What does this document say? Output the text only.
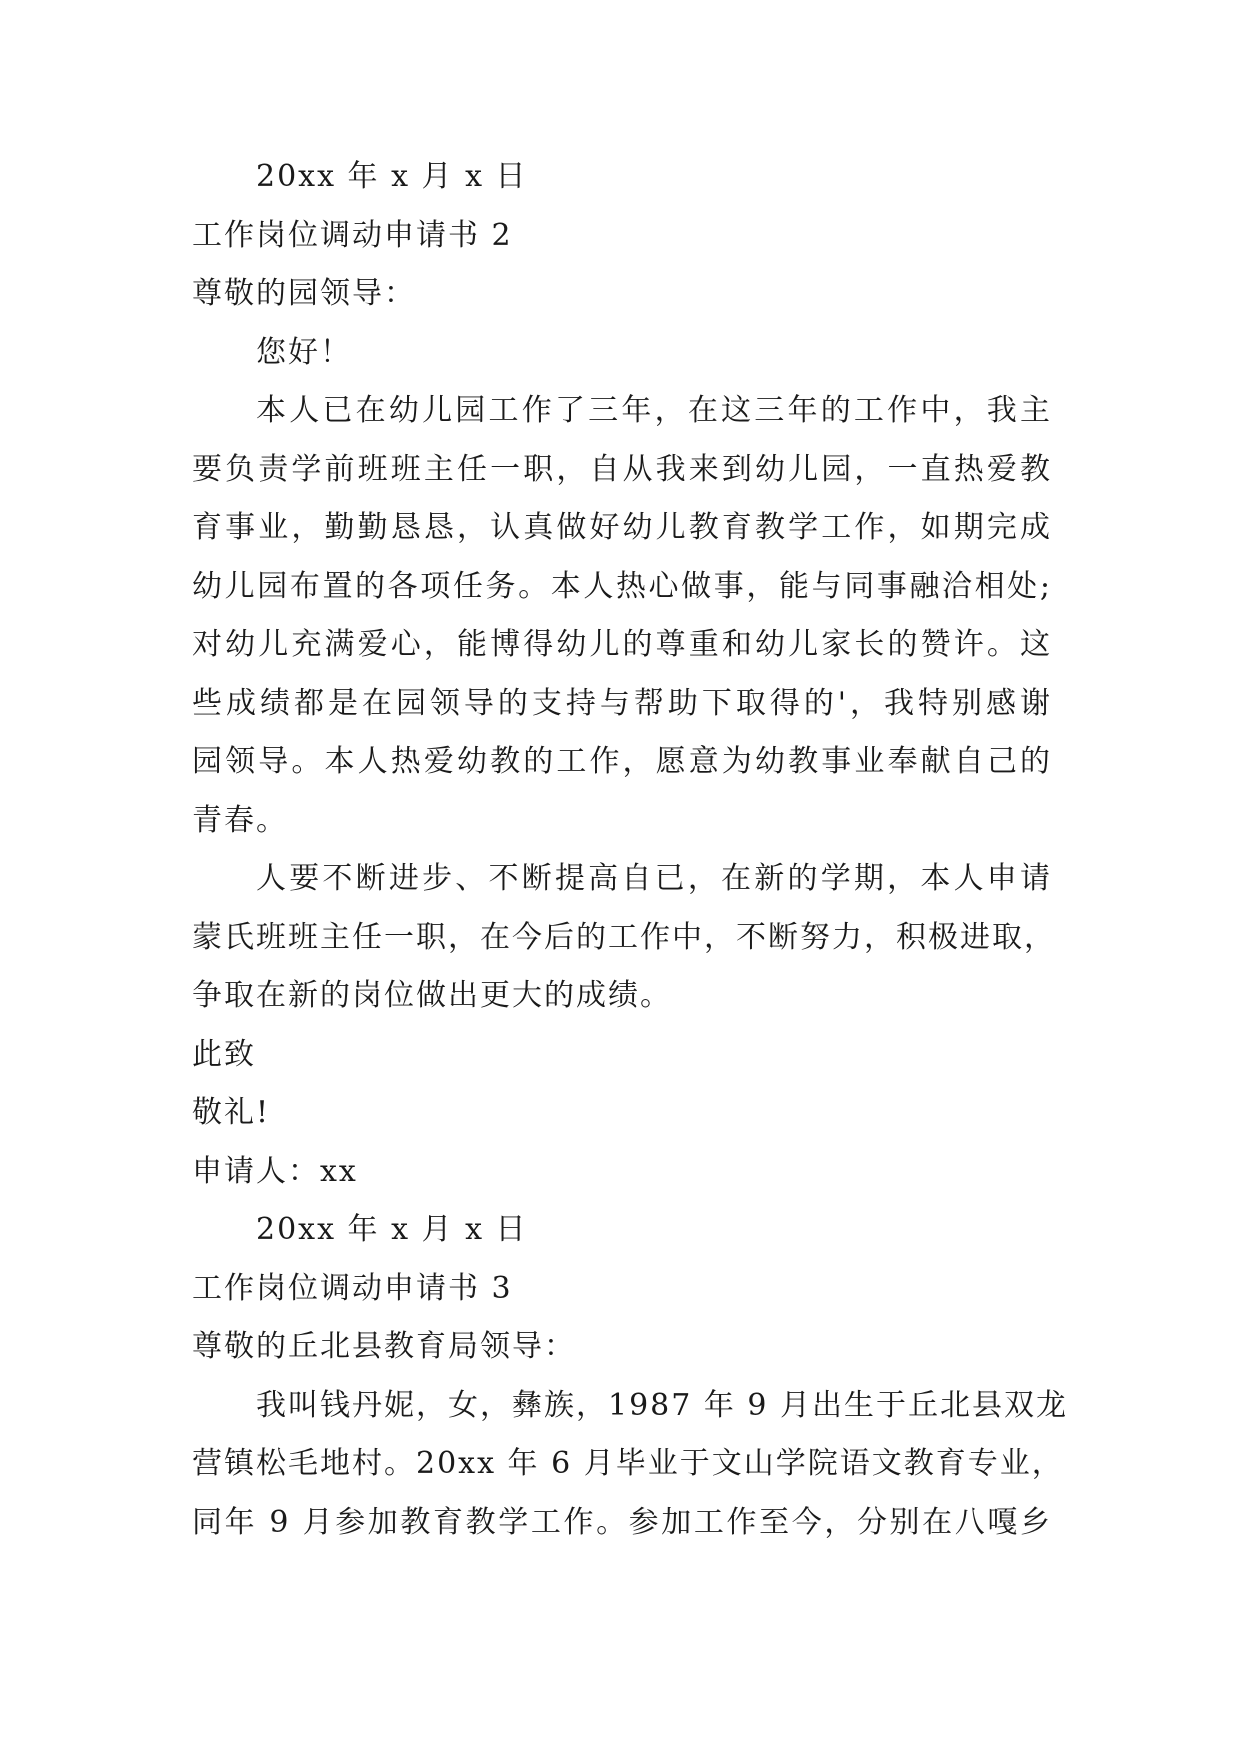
20xx 年 x 月 x 日
工作岗位调动申请书 2
尊敬的园领导：
您好！
本人已在幼儿园工作了三年，在这三年的工作中，我主
要负责学前班班主任一职，自从我来到幼儿园，一直热爱教
育事业，勤勤恳恳，认真做好幼儿教育教学工作，如期完成
幼儿园布置的各项任务。本人热心做事，能与同事融洽相处;
对幼儿充满爱心，能博得幼儿的尊重和幼儿家长的赞许。这
些成绩都是在园领导的支持与帮助下取得的'，我特别感谢
园领导。本人热爱幼教的工作，愿意为幼教事业奉献自己的
青春。
人要不断进步、不断提高自已，在新的学期，本人申请
蒙氏班班主任一职，在今后的工作中，不断努力，积极进取，
争取在新的岗位做出更大的成绩。
此致
敬礼!
申请人：xx
20xx 年 x 月 x 日
工作岗位调动申请书 3
尊敬的丘北县教育局领导：
我叫钱丹妮，女，彝族，1987 年 9 月出生于丘北县双龙
营镇松毛地村。20xx 年 6 月毕业于文山学院语文教育专业，
同年 9 月参加教育教学工作。参加工作至今，分别在八嘎乡
